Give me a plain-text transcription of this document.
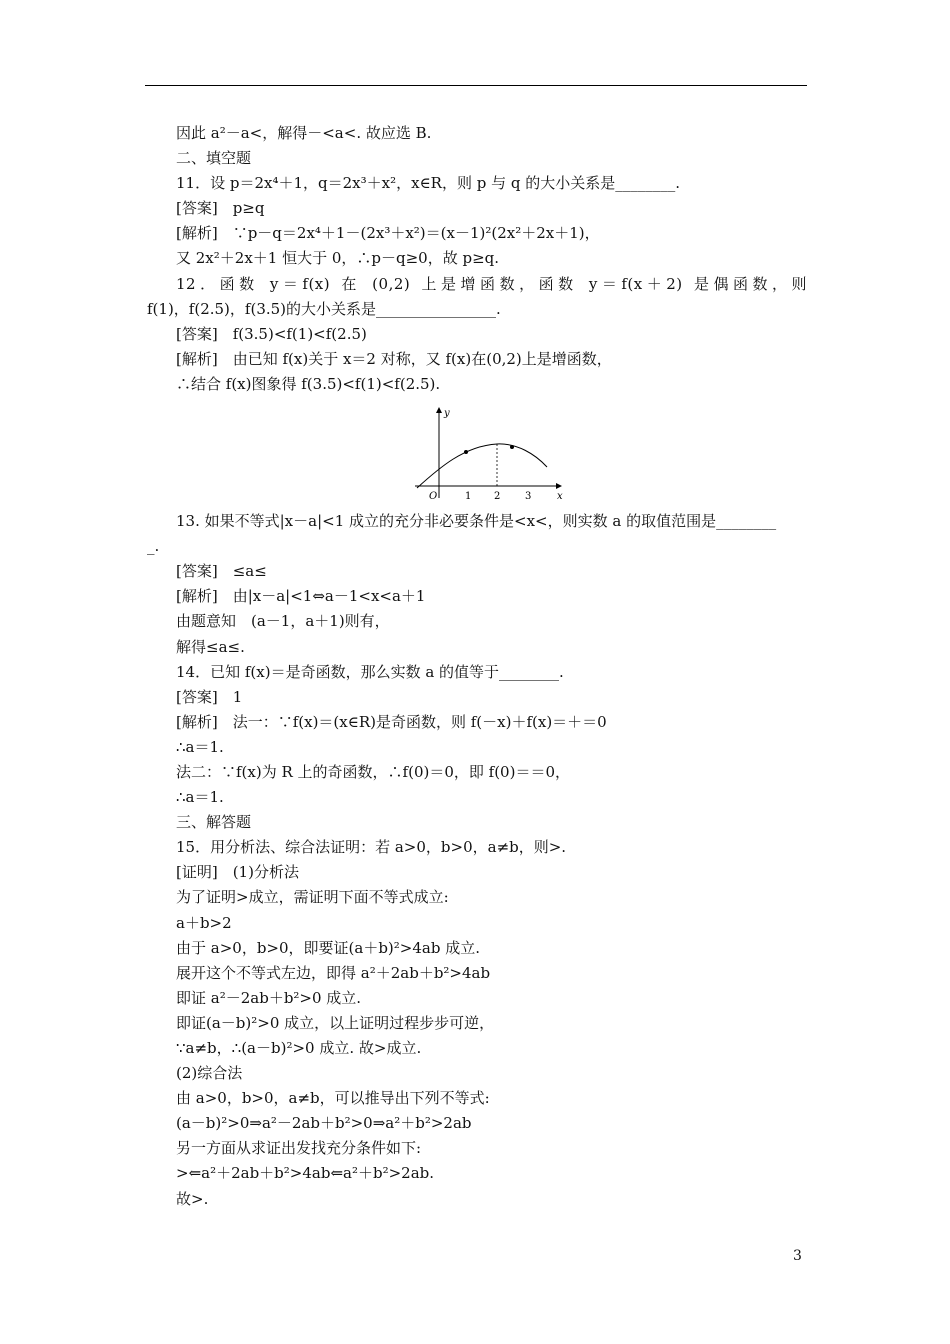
因此 a²－a<，解得－<a<. 故应选 B.
二、填空题
11．设 p＝2x⁴＋1，q＝2x³＋x²，x∈R，则 p 与 q 的大小关系是________.
[答案]　p≥q
[解析]　∵p－q＝2x⁴＋1－(2x³＋x²)＝(x－1)²(2x²＋2x＋1)，
又 2x²＋2x＋1 恒大于 0，∴p－q≥0，故 p≥q.
12．函数 y＝f(x) 在 (0,2) 上是增函数，函数 y＝f(x＋2) 是偶函数，则
f(1)，f(2.5)，f(3.5)的大小关系是________________.
[答案]　f(3.5)<f(1)<f(2.5)
[解析]　由已知 f(x)关于 x＝2 对称，又 f(x)在(0,2)上是增函数，
∴结合 f(x)图象得 f(3.5)<f(1)<f(2.5).
y
x
O	1 2 3
13. 如果不等式|x－a|<1 成立的充分非必要条件是<x<，则实数 a 的取值范围是________
_.
[答案]　≤a≤
[解析]　由|x－a|<1⇔a－1<x<a＋1
由题意知　(a－1，a＋1)则有，
解得≤a≤.
14．已知 f(x)＝是奇函数，那么实数 a 的值等于________.
[答案]　1
[解析]　法一：∵f(x)＝(x∈R)是奇函数，则 f(－x)＋f(x)＝＋＝0
∴a＝1.
法二：∵f(x)为 R 上的奇函数，∴f(0)＝0，即 f(0)＝＝0，
∴a＝1.
三、解答题
15．用分析法、综合法证明：若 a>0，b>0，a≠b，则>.
[证明]　(1)分析法
为了证明>成立，需证明下面不等式成立:
a＋b>2
由于 a>0，b>0，即要证(a＋b)²>4ab 成立.
展开这个不等式左边，即得 a²＋2ab＋b²>4ab
即证 a²－2ab＋b²>0 成立.
即证(a－b)²>0 成立，以上证明过程步步可逆，
∵a≠b，∴(a－b)²>0 成立. 故>成立.
(2)综合法
由 a>0，b>0，a≠b，可以推导出下列不等式:
(a－b)²>0⇒a²－2ab＋b²>0⇒a²＋b²>2ab
另一方面从求证出发找充分条件如下:
>⇐a²＋2ab＋b²>4ab⇐a²＋b²>2ab.
故>.
3
